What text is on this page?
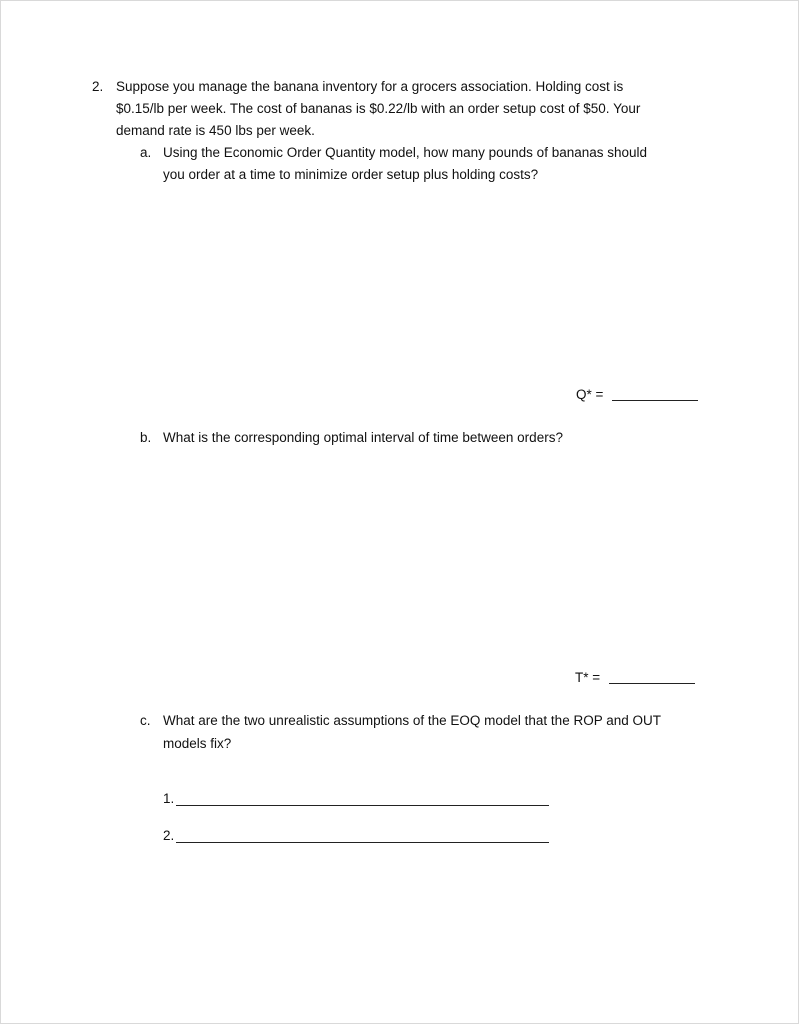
2. Suppose you manage the banana inventory for a grocers association. Holding cost is
$0.15/lb per week. The cost of bananas is $0.22/lb with an order setup cost of $50. Your
demand rate is 450 lbs per week.
a. Using the Economic Order Quantity model, how many pounds of bananas should
you order at a time to minimize order setup plus holding costs?
Q* =
b. What is the corresponding optimal interval of time between orders?
T* =
c. What are the two unrealistic assumptions of the EOQ model that the ROP and OUT
models fix?
1.
2.
